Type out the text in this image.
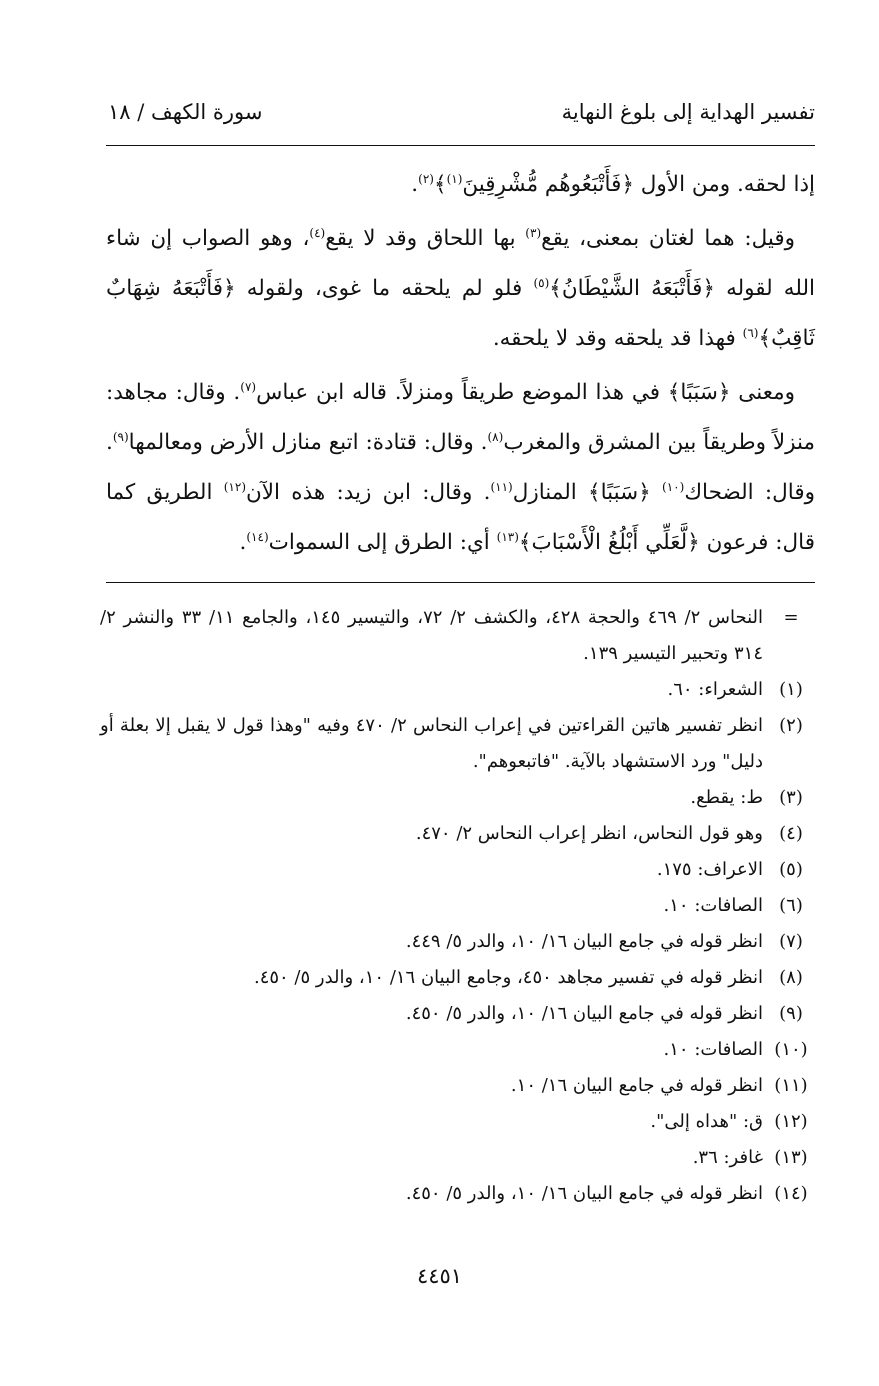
تفسير الهداية إلى بلوغ النهاية
سورة الكهف / ١٨

إذا لحقه. ومن الأول ﴿فَأَتْبَعُوهُم مُّشْرِقِينَ$^{(١)}$﴾$^{(٢)}$.

وقيل: هما لغتان بمعنى، يقع$^{(٣)}$ بها اللحاق وقد لا يقع$^{(٤)}$، وهو الصواب إن شاء الله لقوله ﴿فَأَتْبَعَهُ الشَّيْطَانُ﴾$^{(٥)}$ فلو لم يلحقه ما غوى، ولقوله ﴿فَأَتْبَعَهُ شِهَابٌ ثَاقِبٌ﴾$^{(٦)}$ فهذا قد يلحقه وقد لا يلحقه.

ومعنى ﴿سَبَبًا﴾ في هذا الموضع طريقاً ومنزلاً. قاله ابن عباس$^{(٧)}$. وقال: مجاهد: منزلاً وطريقاً بين المشرق والمغرب$^{(٨)}$. وقال: قتادة: اتبع منازل الأرض ومعالمها$^{(٩)}$. وقال: الضحاك$^{(١٠)}$ ﴿سَبَبًا﴾ المنازل$^{(١١)}$. وقال: ابن زيد: هذه الآن$^{(١٢)}$ الطريق كما قال: فرعون ﴿لَّعَلِّي أَبْلُغُ الْأَسْبَابَ﴾$^{(١٣)}$ أي: الطرق إلى السموات$^{(١٤)}$.

=
النحاس ٢/ ٤٦٩ والحجة ٤٢٨، والكشف ٢/ ٧٢، والتيسير ١٤٥، والجامع ١١/ ٣٣ والنشر ٢/ ٣١٤ وتحبير التيسير ١٣٩.
(١)
الشعراء: ٦٠.
(٢)
انظر تفسير هاتين القراءتين في إعراب النحاس ٢/ ٤٧٠ وفيه "وهذا قول لا يقبل إلا بعلة أو دليل" ورد الاستشهاد بالآية. "فاتبعوهم".
(٣)
ط: يقطع.
(٤)
وهو قول النحاس، انظر إعراب النحاس ٢/ ٤٧٠.
(٥)
الاعراف: ١٧٥.
(٦)
الصافات: ١٠.
(٧)
انظر قوله في جامع البيان ١٦/ ١٠، والدر ٥/ ٤٤٩.
(٨)
انظر قوله في تفسير مجاهد ٤٥٠، وجامع البيان ١٦/ ١٠، والدر ٥/ ٤٥٠.
(٩)
انظر قوله في جامع البيان ١٦/ ١٠، والدر ٥/ ٤٥٠.
(١٠)
الصافات: ١٠.
(١١)
انظر قوله في جامع البيان ١٦/ ١٠.
(١٢)
ق: "هداه إلى".
(١٣)
غافر: ٣٦.
(١٤)
انظر قوله في جامع البيان ١٦/ ١٠، والدر ٥/ ٤٥٠.
٤٤٥١
